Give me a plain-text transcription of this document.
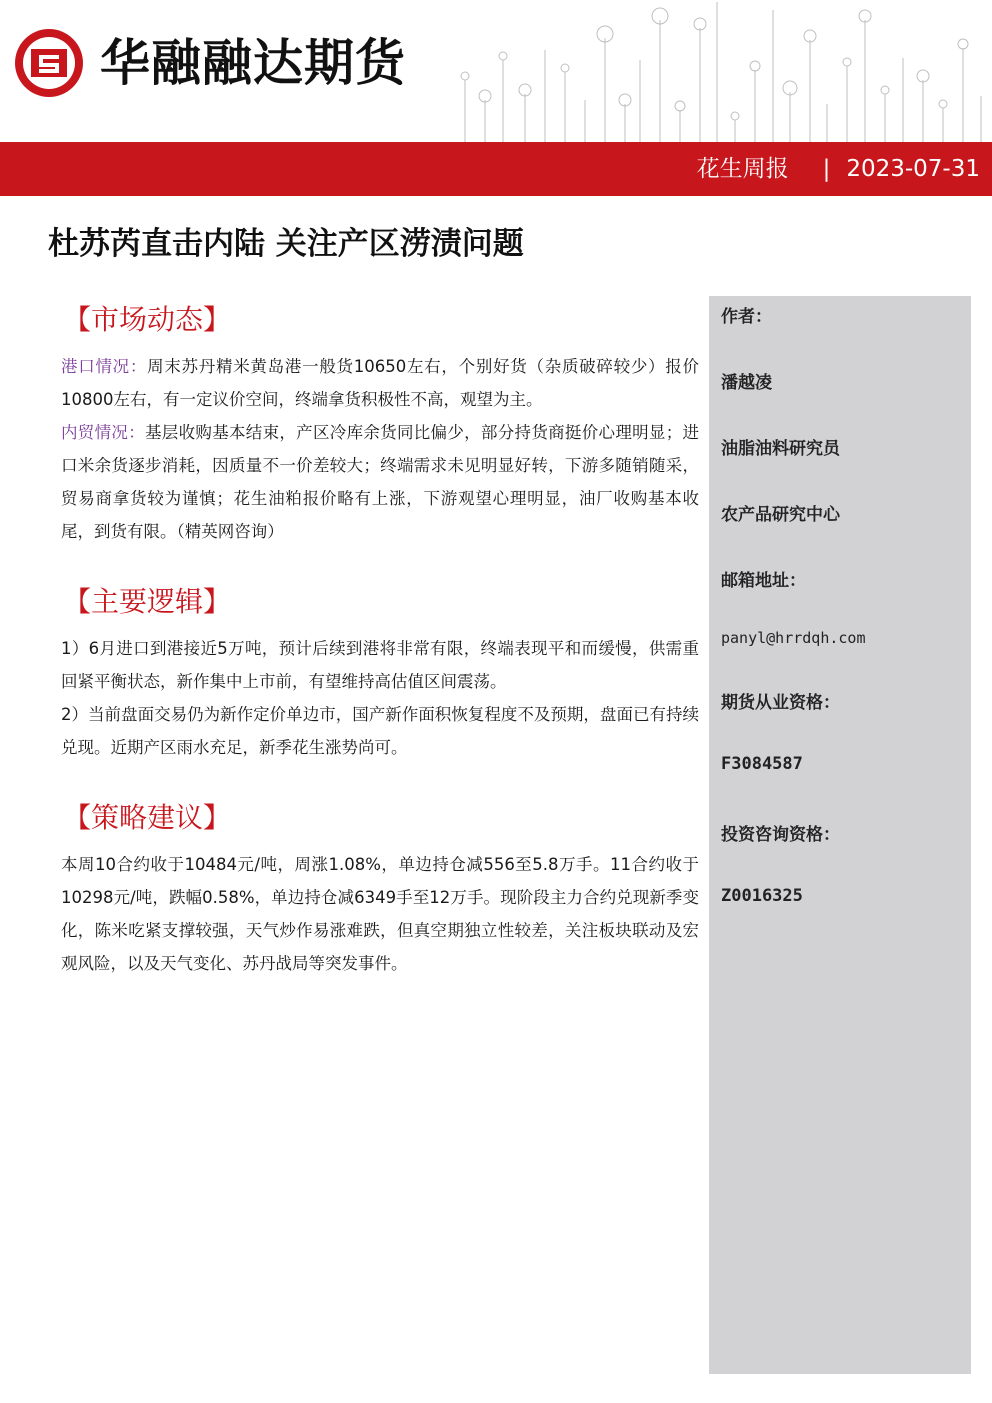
华融融达期货
花生周报 | 2023-07-31
杜苏芮直击内陆 关注产区涝渍问题
【市场动态】

港口情况：周末苏丹精米黄岛港一般货10650左右，个别好货（杂质破碎较少）报价10800左右，有一定议价空间，终端拿货积极性不高，观望为主。

内贸情况：基层收购基本结束，产区冷库余货同比偏少，部分持货商挺价心理明显；进口米余货逐步消耗，因质量不一价差较大；终端需求未见明显好转，下游多随销随采，贸易商拿货较为谨慎；花生油粕报价略有上涨，下游观望心理明显，油厂收购基本收尾，到货有限。（精英网咨询）

【主要逻辑】

1）6月进口到港接近5万吨，预计后续到港将非常有限，终端表现平和而缓慢，供需重回紧平衡状态，新作集中上市前，有望维持高估值区间震荡。

2）当前盘面交易仍为新作定价单边市，国产新作面积恢复程度不及预期，盘面已有持续兑现。近期产区雨水充足，新季花生涨势尚可。

【策略建议】

本周10合约收于10484元/吨，周涨1.08%，单边持仓减556至5.8万手。11合约收于10298元/吨，跌幅0.58%，单边持仓减6349手至12万手。现阶段主力合约兑现新季变化，陈米吃紧支撑较强，天气炒作易涨难跌，但真空期独立性较差，关注板块联动及宏观风险，以及天气变化、苏丹战局等突发事件。

作者：
潘越凌
油脂油料研究员
农产品研究中心
邮箱地址：
panyl@hrrdqh.com
期货从业资格：
F3084587
投资咨询资格：
Z0016325
